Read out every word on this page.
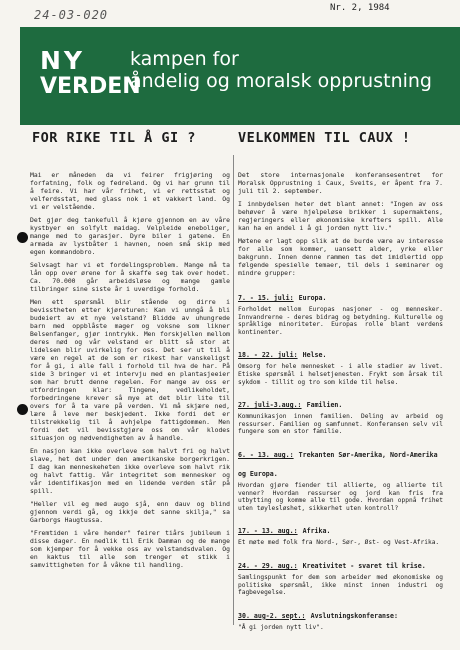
24-03-020	Nr. 2, 1984
NY
VERDEN
kampen for
åndelig og moralsk opprustning
FOR RIKE TIL Å GI ?

Mai er måneden da vi feirer frigjøring og forfatning, folk og fedreland. Og vi har grunn til å feire. Vi har vår frihet, vi er rettsstat og velferdsstat, med glass nok i et vakkert land. Og vi er velstående.

Det gjør deg tankefull å kjøre gjennom en av våre kystbyer en solfylt maidag. Velpleide eneboliger, mange med to garasjer. Dyre biler i gatene. En armada av lystbåter i havnen, noen små skip med egen kommandobro.

Selvsagt har vi et fordelingsproblem. Mange må ta lån opp over ørene for å skaffe seg tak over hodet. Ca. 70.000 går arbeidsløse og mange gamle tilbringer sine siste år i uverdige forhold.

Men ett spørsmål blir stående og dirre i bevisstheten etter kjøreturen: Kan vi unngå å bli budeiert av et nye velstand? Blidde av uhungrede barn med oppblåste mager og voksne som likner Belsenfanger, gjør inntrykk. Men forskjellen mellom deres nød og vår velstand er blitt så stor at lidelsen blir uvirkelig for oss. Det ser ut til å være en regel at de som er rikest har vanskeligst for å gi, i alle fall i forhold til hva de har. På side 3 bringer vi et intervju med en plantasjeeier som har brutt denne regelen. For mange av oss er utfordringen klar: Tingene, vedlikeholdet, forbedringene krever så mye at det blir lite til overs for å ta vare på verden. Vi må skjære ned, lære å leve mer beskjedent. Ikke fordi det er tilstrekkelig til å avhjelpe fattigdommen. Men fordi det vil bevisstgjøre oss om vår klodes situasjon og nødvendigheten av å handle.

En nasjon kan ikke overleve som halvt fri og halvt slave, het det under den amerikanske borgerkrigen. I dag kan menneskeheten ikke overleve som halvt rik og halvt fattig. Vår integritet som mennesker og vår identifikasjon med en lidende verden står på spill.

"Heller vil eg med augo sjå, enn dauv og blind gjennom verdi gå, og ikkje det sanne skilja," sa Garborgs Haugtussa.

"Fremtiden i våre hender" feirer tiårs jubileum i disse dager. En nedlik til Erik Damman og de mange som kjemper for å vekke oss av velstandsdvalen. Og en kaktus til alle som trenger et stikk i samvittigheten for å våkne til handling.

VELKOMMEN TIL CAUX !

Det store internasjonale konferansesentret for Moralsk Opprustning i Caux, Sveits, er åpent fra 7. juli til 2. september.

I innbydelsen heter det blant annet: "Ingen av oss behøver å være hjelpeløse brikker i supermaktens, regjeringers eller økonomiske krefters spill. Alle kan ha en andel i å gi jorden nytt liv."

Møtene er lagt opp slik at de burde være av interesse for alle som kommer, uansett alder, yrke eller bakgrunn. Innen denne rammen tas det imidlertid opp følgende spesielle temaer, til dels i seminarer og mindre grupper:

7. - 15. juli: Europa.
Forholdet mellom Europas nasjoner - og mennesker. Innvandrerne - deres bidrag og betydning. Kulturelle og språklige minoriteter. Europas rolle blant verdens kontinenter.
18. - 22. juli: Helse.
Omsorg for hele mennesket - i alle stadier av livet. Etiske spørsmål i helsetjenesten. Frykt som årsak til sykdom - tillit og tro som kilde til helse.
27. juli-3.aug.: Familien.
Kommunikasjon innen familien. Deling av arbeid og ressurser. Familien og samfunnet. Konferansen selv vil fungere som en stor familie.
6. - 13. aug.: Trekanten Sør-Amerika, Nord-Amerika og Europa.
Hvordan gjøre fiender til allierte, og allierte til venner? Hvordan ressurser og jord kan fris fra utbytting og komme alle til gode. Hvordan oppnå frihet uten tøylesløshet, sikkerhet uten kontroll?
17. - 13. aug.: Afrika.
Et møte med folk fra Nord-, Sør-, Øst- og Vest-Afrika.
24. - 29. aug.: Kreativitet - svaret til krise.
Samlingspunkt for dem som arbeider med økonomiske og politiske spørsmål, ikke minst innen industri og fagbevegelse.
30. aug-2. sept.: Avslutningskonferanse:
"Å gi jorden nytt liv".
